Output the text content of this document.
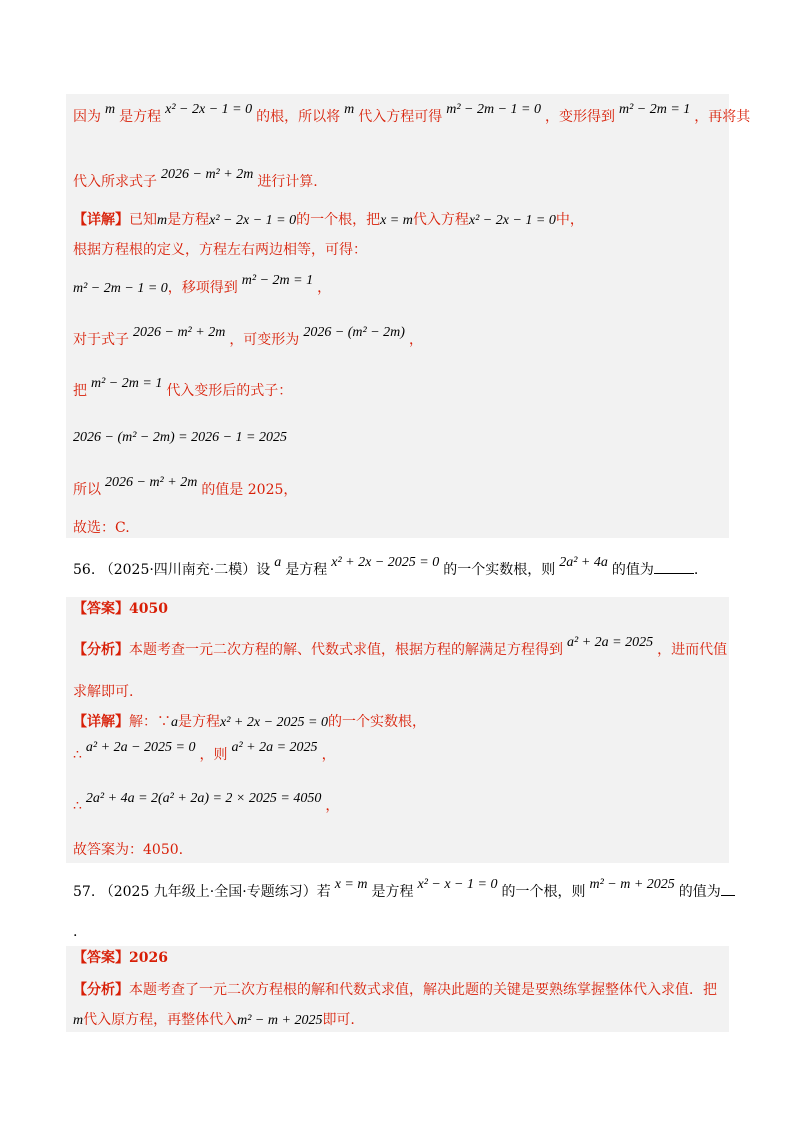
因为 m 是方程 x² − 2x − 1 = 0 的根，所以将 m 代入方程可得 m² − 2m − 1 = 0 ，变形得到 m² − 2m = 1 ，再将其
代入所求式子 2026 − m² + 2m 进行计算.
【详解】已知m是方程x² − 2x − 1 = 0的一个根，把x = m代入方程x² − 2x − 1 = 0中，
根据方程根的定义，方程左右两边相等，可得：
m² − 2m − 1 = 0，移项得到 m² − 2m = 1 ，
对于式子 2026 − m² + 2m ，可变形为 2026 − (m² − 2m) ，
把 m² − 2m = 1 代入变形后的式子：
2026 − (m² − 2m) = 2026 − 1 = 2025
所以 2026 − m² + 2m 的值是 2025，
故选：C.
56. （2025·四川南充·二模）设 a 是方程 x² + 2x − 2025 = 0 的一个实数根，则 2a² + 4a 的值为	.
【答案】4050
【分析】本题考查一元二次方程的解、代数式求值，根据方程的解满足方程得到 a² + 2a = 2025 ，进而代值
求解即可.
【详解】解：∵a是方程x² + 2x − 2025 = 0的一个实数根，
∴ a² + 2a − 2025 = 0 ，则 a² + 2a = 2025 ，
∴ 2a² + 4a = 2(a² + 2a) = 2 × 2025 = 4050 ，
故答案为：4050.
57. （2025 九年级上·全国·专题练习）若 x = m 是方程 x² − x − 1 = 0 的一个根，则 m² − m + 2025 的值为
.
【答案】2026
【分析】本题考查了一元二次方程根的解和代数式求值，解决此题的关键是要熟练掌握整体代入求值．把
m代入原方程，再整体代入m² − m + 2025即可.
